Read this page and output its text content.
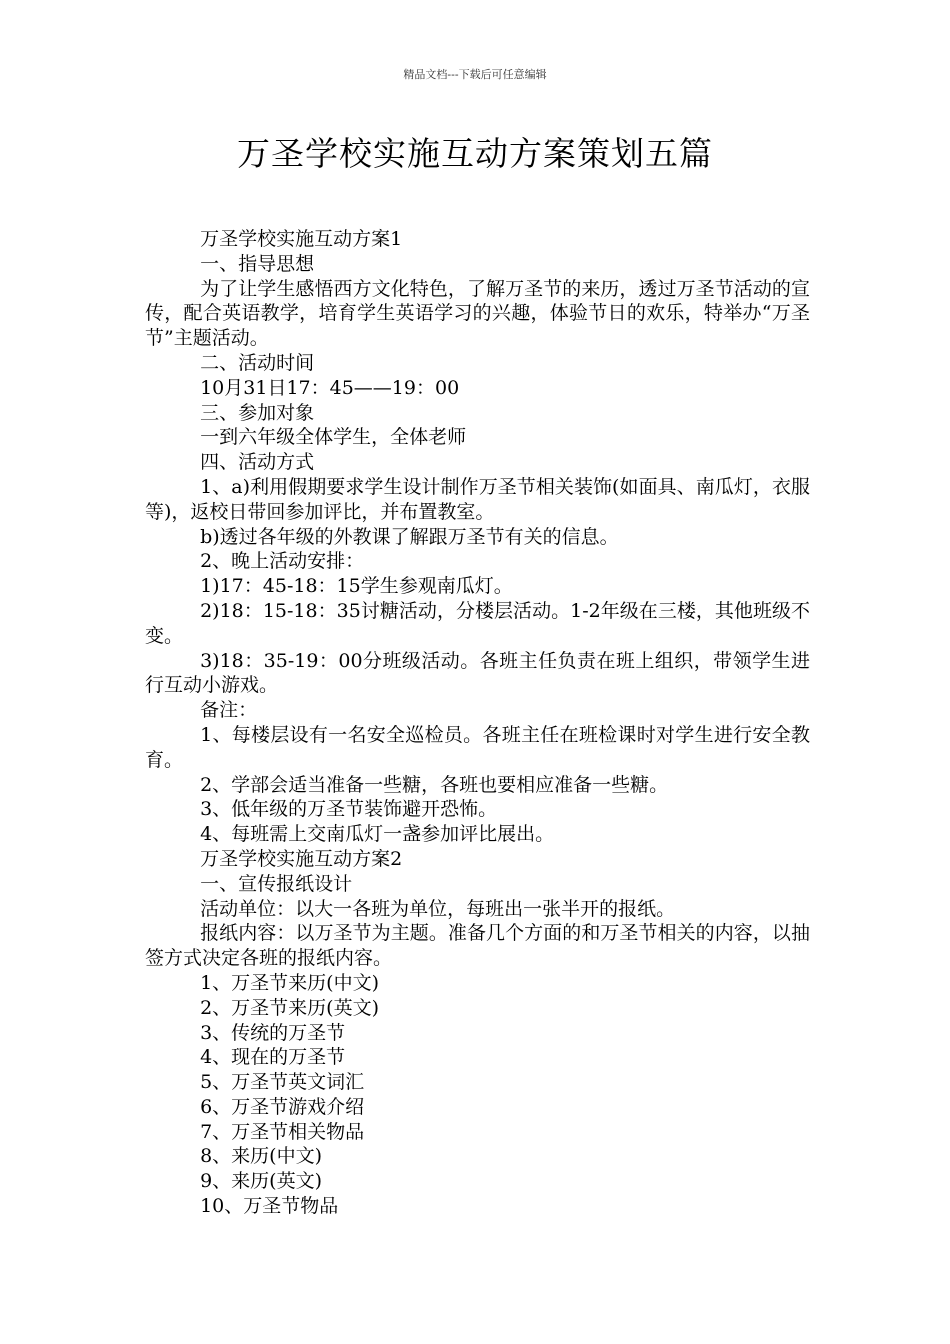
精品文档---下载后可任意编辑
万圣学校实施互动方案策划五篇

万圣学校实施互动方案1

一、指导思想

为了让学生感悟西方文化特色，了解万圣节的来历，透过万圣节活动的宣传，配合英语教学，培育学生英语学习的兴趣，体验节日的欢乐，特举办“万圣节”主题活动。

二、活动时间

10月31日17：45——19：00

三、参加对象

一到六年级全体学生，全体老师

四、活动方式

1、a)利用假期要求学生设计制作万圣节相关装饰(如面具、南瓜灯，衣服等)，返校日带回参加评比，并布置教室。

b)透过各年级的外教课了解跟万圣节有关的信息。

2、晚上活动安排：

1)17：45-18：15学生参观南瓜灯。

2)18：15-18：35讨糖活动，分楼层活动。1-2年级在三楼，其他班级不变。

3)18：35-19：00分班级活动。各班主任负责在班上组织，带领学生进行互动小游戏。

备注：

1、每楼层设有一名安全巡检员。各班主任在班检课时对学生进行安全教育。

2、学部会适当准备一些糖，各班也要相应准备一些糖。

3、低年级的万圣节装饰避开恐怖。

4、每班需上交南瓜灯一盏参加评比展出。

万圣学校实施互动方案2

一、宣传报纸设计

活动单位：以大一各班为单位，每班出一张半开的报纸。

报纸内容：以万圣节为主题。准备几个方面的和万圣节相关的内容，以抽签方式决定各班的报纸内容。

1、万圣节来历(中文)

2、万圣节来历(英文)

3、传统的万圣节

4、现在的万圣节

5、万圣节英文词汇

6、万圣节游戏介绍

7、万圣节相关物品

8、来历(中文)

9、来历(英文)

10、万圣节物品
